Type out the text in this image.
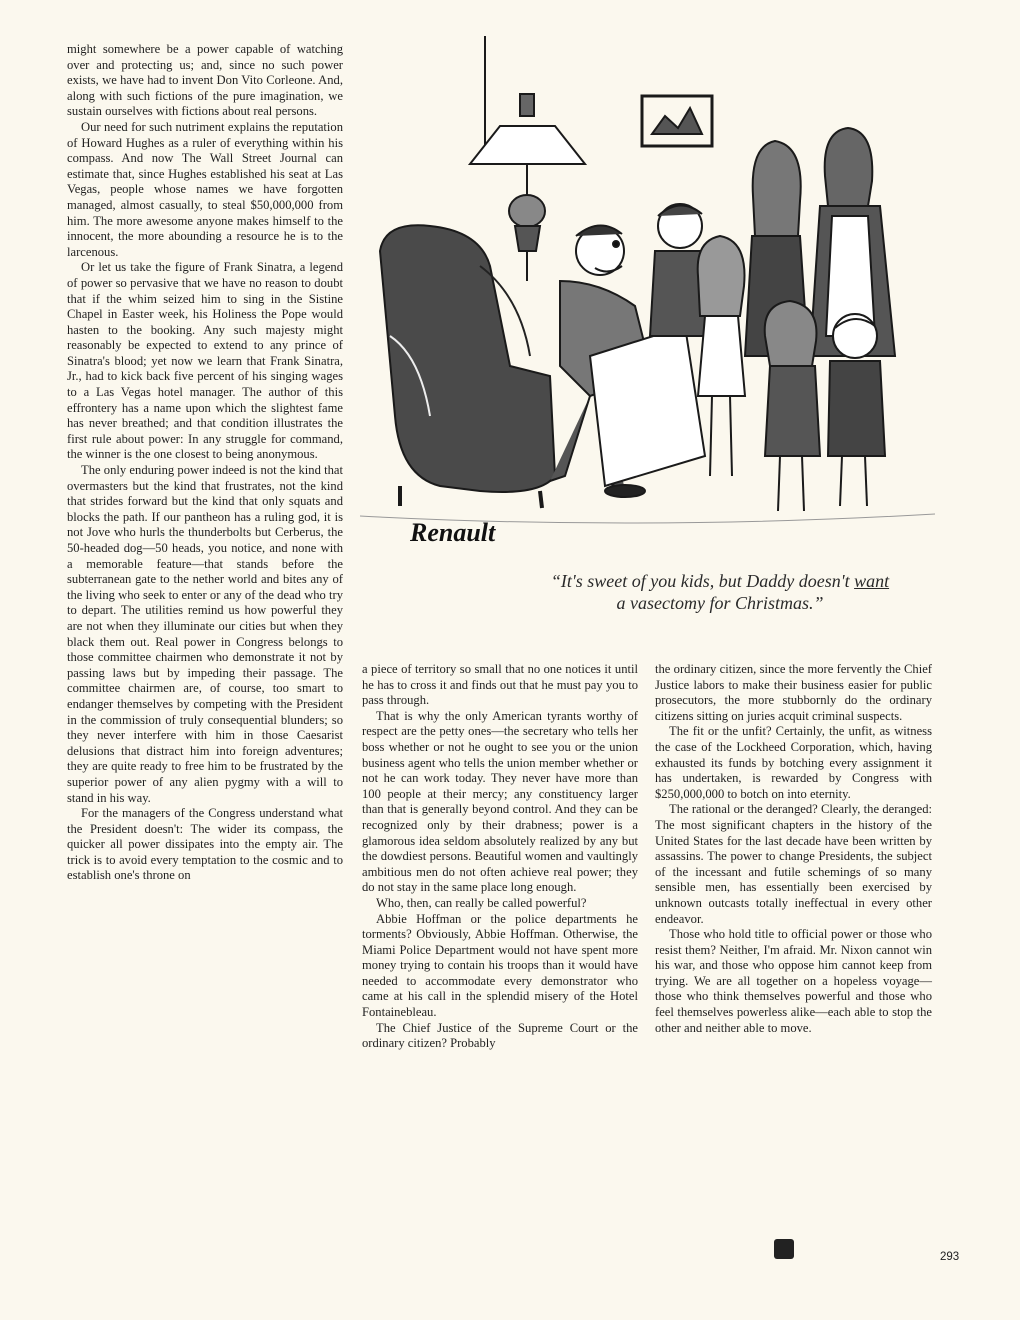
might somewhere be a power capable of watching over and protecting us; and, since no such power exists, we have had to invent Don Vito Corleone. And, along with such fictions of the pure imagination, we sustain ourselves with fictions about real persons.

Our need for such nutriment explains the reputation of Howard Hughes as a ruler of everything within his compass. And now The Wall Street Journal can estimate that, since Hughes established his seat at Las Vegas, people whose names we have forgotten managed, almost casually, to steal $50,000,000 from him. The more awesome anyone makes himself to the innocent, the more abounding a resource he is to the larcenous.

Or let us take the figure of Frank Sinatra, a legend of power so pervasive that we have no reason to doubt that if the whim seized him to sing in the Sistine Chapel in Easter week, his Holiness the Pope would hasten to the booking. Any such majesty might reasonably be expected to extend to any prince of Sinatra's blood; yet now we learn that Frank Sinatra, Jr., had to kick back five percent of his singing wages to a Las Vegas hotel manager. The author of this effrontery has a name upon which the slightest fame has never breathed; and that condition illustrates the first rule about power: In any struggle for command, the winner is the one closest to being anonymous.

The only enduring power indeed is not the kind that overmasters but the kind that frustrates, not the kind that strides forward but the kind that only squats and blocks the path. If our pantheon has a ruling god, it is not Jove who hurls the thunderbolts but Cerberus, the 50-headed dog—50 heads, you notice, and none with a memorable feature—that stands before the subterranean gate to the nether world and bites any of the living who seek to enter or any of the dead who try to depart. The utilities remind us how powerful they are not when they illuminate our cities but when they black them out. Real power in Congress belongs to those committee chairmen who demonstrate it not by passing laws but by impeding their passage. The committee chairmen are, of course, too smart to endanger themselves by competing with the President in the commission of truly consequential blunders; so they never interfere with him in those Caesarist delusions that distract him into foreign adventures; they are quite ready to free him to be frustrated by the superior power of any alien pygmy with a will to stand in his way.

For the managers of the Congress understand what the President doesn't: The wider its compass, the quicker all power dissipates into the empty air. The trick is to avoid every temptation to the cosmic and to establish one's throne on

Renault
“It's sweet of you kids, but Daddy doesn't want
a vasectomy for Christmas.”

a piece of territory so small that no one notices it until he has to cross it and finds out that he must pay you to pass through.

That is why the only American tyrants worthy of respect are the petty ones—the secretary who tells her boss whether or not he ought to see you or the union business agent who tells the union member whether or not he can work today. They never have more than 100 people at their mercy; any constituency larger than that is generally beyond control. And they can be recognized only by their drabness; power is a glamorous idea seldom absolutely realized by any but the dowdiest persons. Beautiful women and vaultingly ambitious men do not often achieve real power; they do not stay in the same place long enough.

Who, then, can really be called powerful?

Abbie Hoffman or the police departments he torments? Obviously, Abbie Hoffman. Otherwise, the Miami Police Department would not have spent more money trying to contain his troops than it would have needed to accommodate every demonstrator who came at his call in the splendid misery of the Hotel Fontainebleau.

The Chief Justice of the Supreme Court or the ordinary citizen? Probably

the ordinary citizen, since the more fervently the Chief Justice labors to make their business easier for public prosecutors, the more stubbornly do the ordinary citizens sitting on juries acquit criminal suspects.

The fit or the unfit? Certainly, the unfit, as witness the case of the Lockheed Corporation, which, having exhausted its funds by botching every assignment it has undertaken, is rewarded by Congress with $250,000,000 to botch on into eternity.

The rational or the deranged? Clearly, the deranged: The most significant chapters in the history of the United States for the last decade have been written by assassins. The power to change Presidents, the subject of the incessant and futile schemings of so many sensible men, has essentially been exercised by unknown outcasts totally ineffectual in every other endeavor.

Those who hold title to official power or those who resist them? Neither, I'm afraid. Mr. Nixon cannot win his war, and those who oppose him cannot keep from trying. We are all together on a hopeless voyage—those who think themselves powerful and those who feel themselves powerless alike—each able to stop the other and neither able to move.

293
